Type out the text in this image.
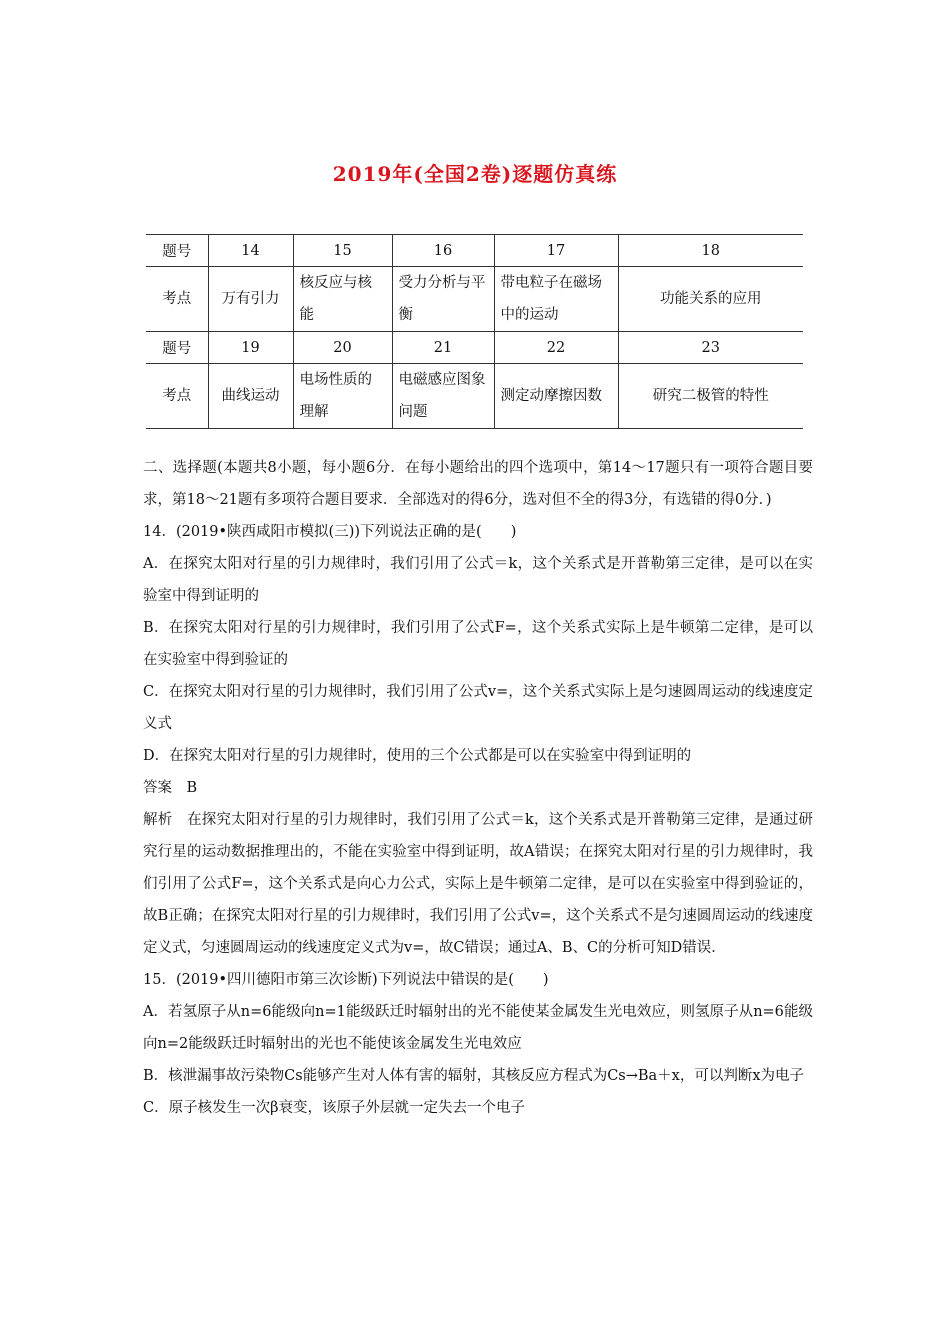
2019年(全国2卷)逐题仿真练
题号	14	15	16	17	18
考点	万有引力	核反应与核能	受力分析与平衡	带电粒子在磁场中的运动	功能关系的应用
题号	19	20	21	22	23
考点	曲线运动	电场性质的理解	电磁感应图象问题	测定动摩擦因数	研究二极管的特性

二、选择题(本题共8小题，每小题6分．在每小题给出的四个选项中，第14～17题只有一项符合题目要求，第18～21题有多项符合题目要求．全部选对的得6分，选对但不全的得3分，有选错的得0分．)

14．(2019•陕西咸阳市模拟(三))下列说法正确的是(　　)

A．在探究太阳对行星的引力规律时，我们引用了公式＝k，这个关系式是开普勒第三定律，是可以在实验室中得到证明的

B．在探究太阳对行星的引力规律时，我们引用了公式F=，这个关系式实际上是牛顿第二定律，是可以在实验室中得到验证的

C．在探究太阳对行星的引力规律时，我们引用了公式v=，这个关系式实际上是匀速圆周运动的线速度定义式

D．在探究太阳对行星的引力规律时，使用的三个公式都是可以在实验室中得到证明的

答案　B

解析　在探究太阳对行星的引力规律时，我们引用了公式＝k，这个关系式是开普勒第三定律，是通过研究行星的运动数据推理出的，不能在实验室中得到证明，故A错误；在探究太阳对行星的引力规律时，我们引用了公式F=，这个关系式是向心力公式，实际上是牛顿第二定律，是可以在实验室中得到验证的，故B正确；在探究太阳对行星的引力规律时，我们引用了公式v=，这个关系式不是匀速圆周运动的线速度定义式，匀速圆周运动的线速度定义式为v=，故C错误；通过A、B、C的分析可知D错误．

15．(2019•四川德阳市第三次诊断)下列说法中错误的是(　　)

A．若氢原子从n=6能级向n=1能级跃迁时辐射出的光不能使某金属发生光电效应，则氢原子从n=6能级向n=2能级跃迁时辐射出的光也不能使该金属发生光电效应

B．核泄漏事故污染物Cs能够产生对人体有害的辐射，其核反应方程式为Cs→Ba＋x，可以判断x为电子

C．原子核发生一次β衰变，该原子外层就一定失去一个电子
